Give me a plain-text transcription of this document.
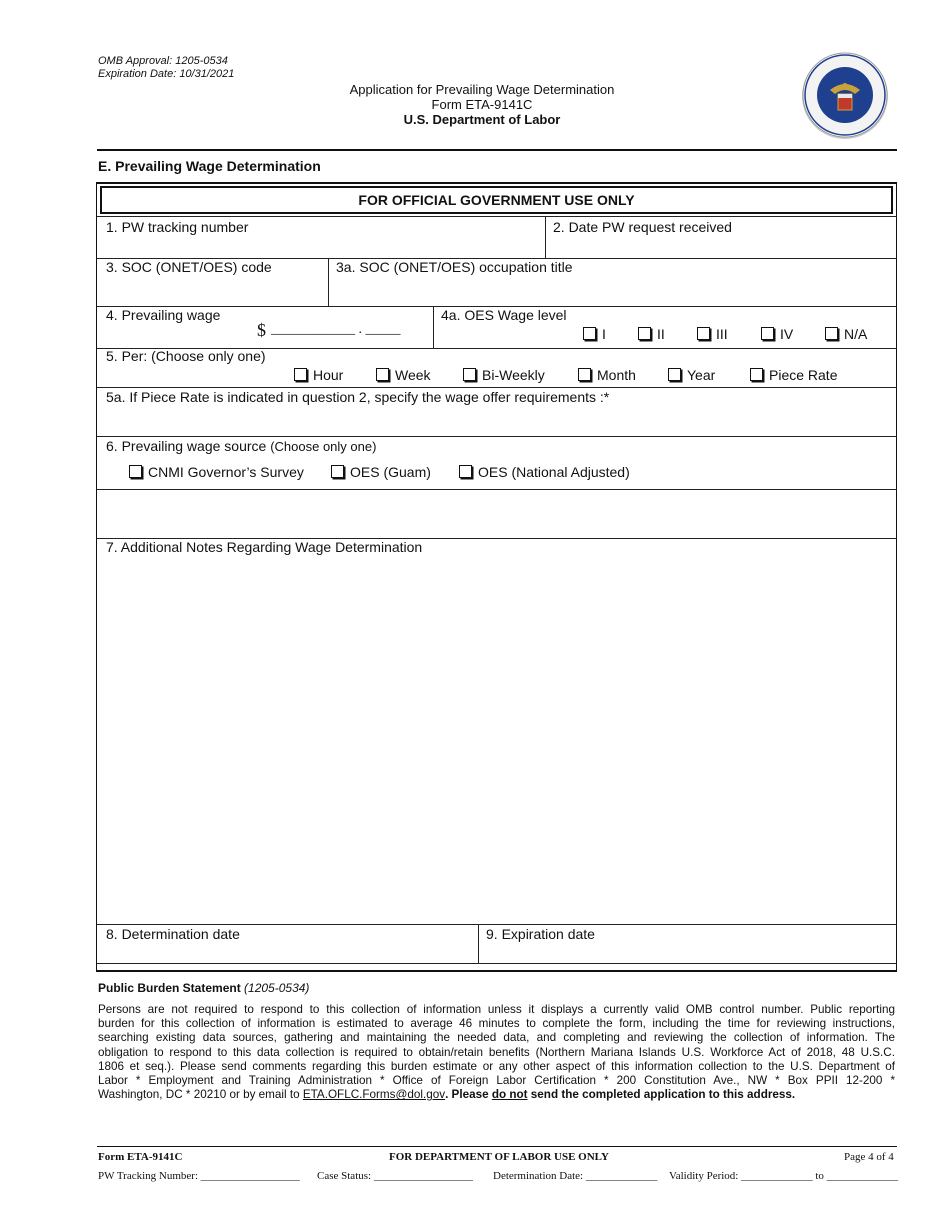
OMB Approval: 1205-0534
Expiration Date: 10/31/2021
Application for Prevailing Wage Determination
Form ETA-9141C
U.S. Department of Labor
E. Prevailing Wage Determination
FOR OFFICIAL GOVERNMENT USE ONLY
1. PW tracking number	2. Date PW request received
3. SOC (ONET/OES) code	3a. SOC (ONET/OES) occupation title
4. Prevailing wage
$ ____________ . _____
4a. OES Wage level
I	II	III	IV	N/A
5. Per: (Choose only one)
Hour	Week	Bi-Weekly	Month	Year	Piece Rate
5a. If Piece Rate is indicated in question 2, specify the wage offer requirements :*
6. Prevailing wage source (Choose only one)
CNMI Governor’s Survey	OES (Guam)	OES (National Adjusted)
7. Additional Notes Regarding Wage Determination
8. Determination date	9. Expiration date
Public Burden Statement (1205-0534)
Persons are not required to respond to this collection of information unless it displays a currently valid OMB control number. Public reporting
burden for this collection of information is estimated to average 46 minutes to complete the form, including the time for reviewing instructions,
searching existing data sources, gathering and maintaining the needed data, and completing and reviewing the collection of information. The
obligation to respond to this data collection is required to obtain/retain benefits (Northern Mariana Islands U.S. Workforce Act of 2018, 48 U.S.C.
1806 et seq.). Please send comments regarding this burden estimate or any other aspect of this information collection to the U.S. Department of
Labor * Employment and Training Administration * Office of Foreign Labor Certification * 200 Constitution Ave., NW * Box PPII 12-200 *
Washington, DC * 20210 or by email to ETA.OFLC.Forms@dol.gov. Please do not send the completed application to this address.
Form ETA-9141C	FOR DEPARTMENT OF LABOR USE ONLY	Page 4 of 4
PW Tracking Number: __________________ Case Status: __________________ Determination Date: _____________ Validity Period: _____________ to _____________
